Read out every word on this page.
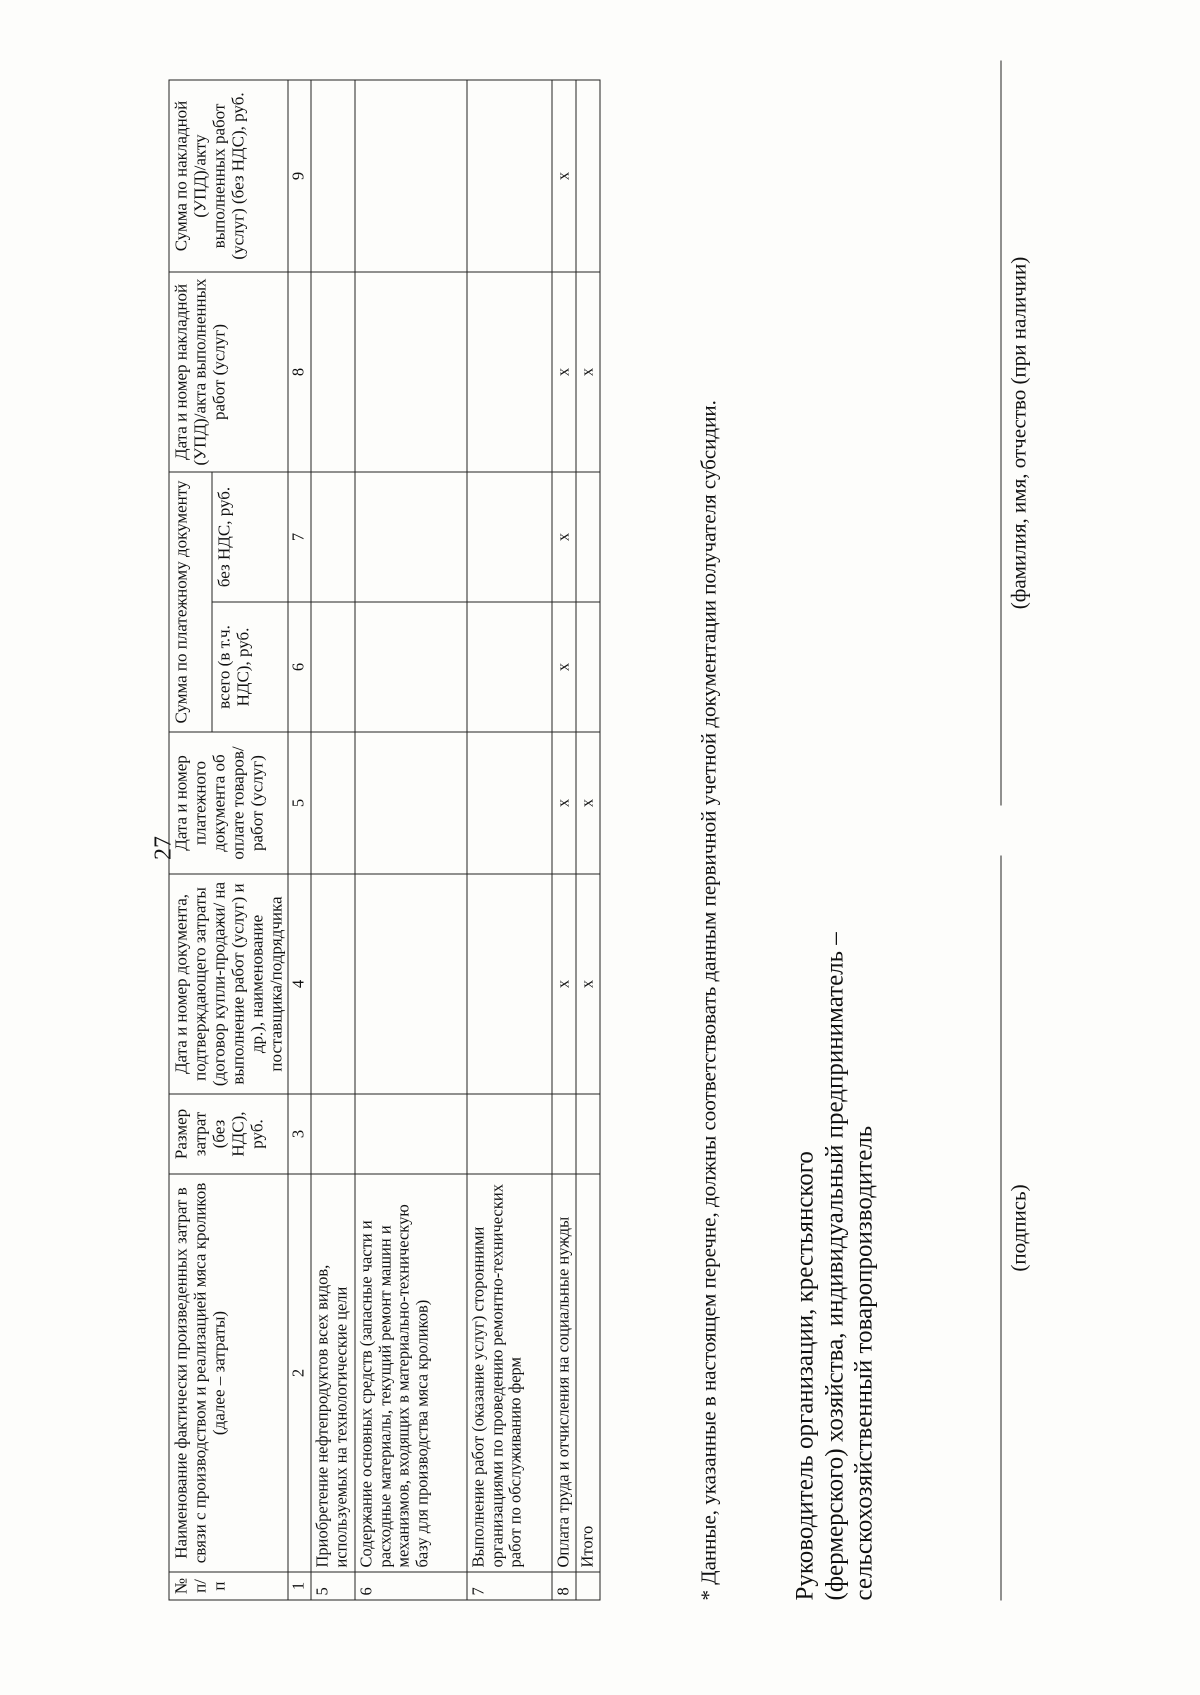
27
№ п/п	Наименование фактически произведенных затрат в связи с производством и реализацией мяса кроликов (далее – затраты)	Размер затрат (без НДС), руб.	Дата и номер документа, подтверждающего затраты (договор купли-продажи/ на выполнение работ (услуг) и др.), наименование поставщика/подрядчика	Дата и номер платежного документа об оплате товаров/работ (услуг)	Сумма по платежному документу		Дата и номер накладной (УПД)/акта выполненных работ (услуг)	Сумма по накладной (УПД)/акту выполненных работ (услуг) (без НДС), руб.
					всего (в т.ч. НДС), руб.	без НДС, руб.		
1	2	3	4	5	6	7	8	9
5	Приобретение нефтепродуктов всех видов, используемых на технологические цели							
6	Содержание основных средств (запасные части и расходные материалы, текущий ремонт машин и механизмов, входящих в материально-техническую базу для производства мяса кроликов)							
7	Выполнение работ (оказание услуг) сторонними организациями по проведению ремонтно-технических работ по обслуживанию ферм							
8	Оплата труда и отчисления на социальные нужды		х	х	х	х	х	х
	Итого		х	х			х	
* Данные, указанные в настоящем перечне, должны соответствовать данным первичной учетной документации получателя субсидии.	Руководитель организации, крестьянского (фермерского) хозяйства, индивидуальный предприниматель – сельскохозяйственный товаропроизводитель	(подпись)
(фамилия, имя, отчество (при наличии)
